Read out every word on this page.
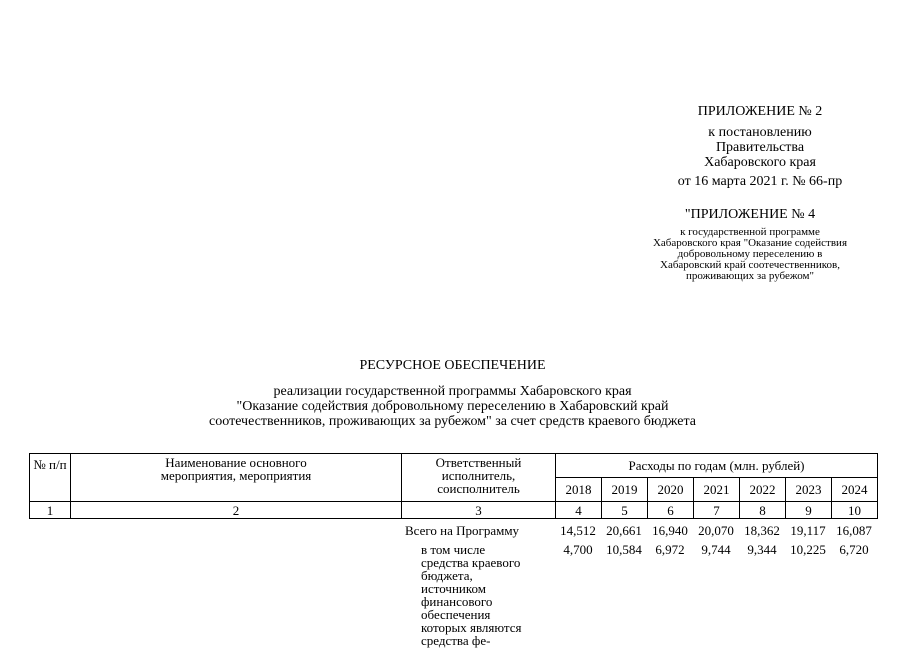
ПРИЛОЖЕНИЕ № 2
к постановлению
Правительства
Хабаровского края
от 16 марта 2021 г. № 66-пр
"ПРИЛОЖЕНИЕ № 4
к государственной программе
Хабаровского края "Оказание содействия
добровольному переселению в
Хабаровский край соотечественников,
проживающих за рубежом"
РЕСУРСНОЕ ОБЕСПЕЧЕНИЕ
реализации государственной программы Хабаровского края
"Оказание содействия добровольному переселению в Хабаровский край
соотечественников, проживающих за рубежом" за счет средств краевого бюджета
№ п/п	Наименование основного мероприятия, мероприятия	Ответственный исполнитель, соисполнитель	Расходы по годам (млн. рублей)						
			2018	2019	2020	2021	2022	2023	2024
1	2	3	4	5	6	7	8	9	10
		Всего на Программу	14,512	20,661	16,940	20,070	18,362	19,117	16,087

		в том числе средства краевого бюджета, источником финансового обеспечения которых являются средства фе-	4,700	10,584	6,972	9,744	9,344	10,225	6,720
